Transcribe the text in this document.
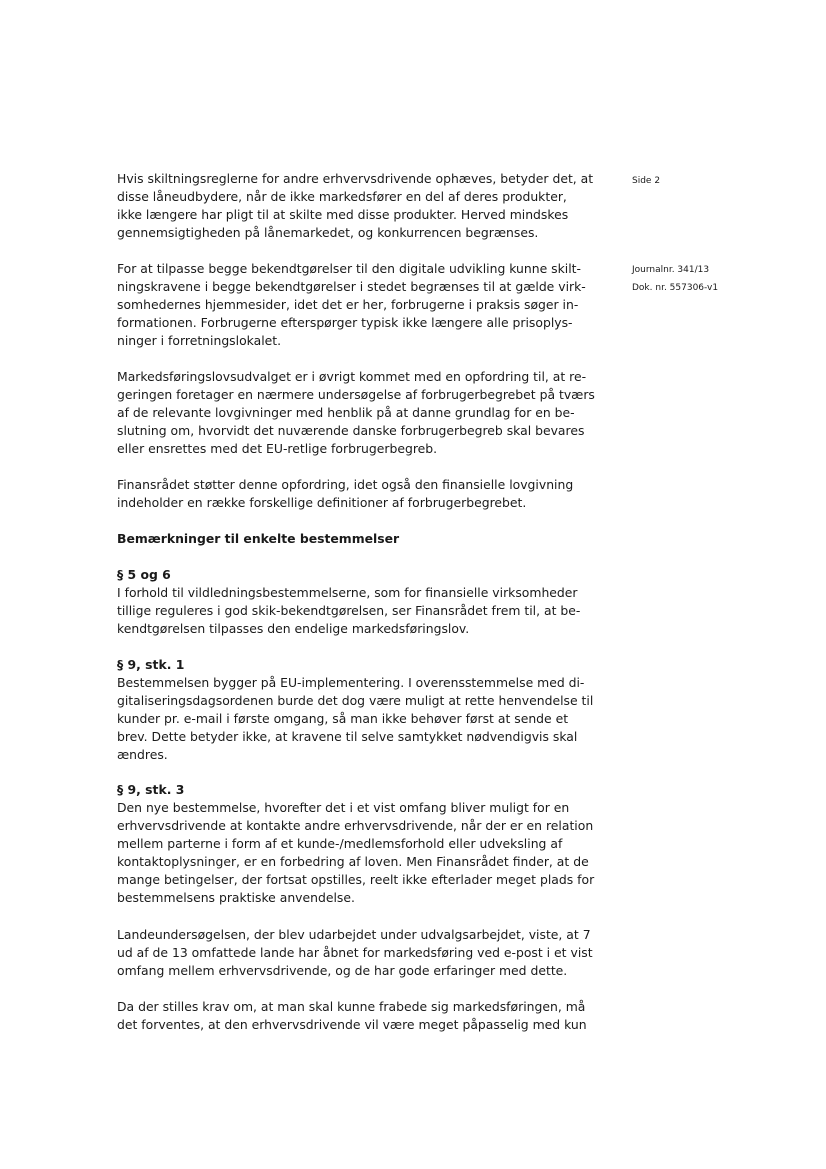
Side 2
Journalnr. 341/13
Dok. nr. 557306-v1
Hvis skiltningsreglerne for andre erhvervsdrivende ophæves, betyder det, at
disse låneudbydere, når de ikke markedsfører en del af deres produkter,
ikke længere har pligt til at skilte med disse produkter. Herved mindskes
gennemsigtigheden på lånemarkedet, og konkurrencen begrænses.
For at tilpasse begge bekendtgørelser til den digitale udvikling kunne skilt-
ningskravene i begge bekendtgørelser i stedet begrænses til at gælde virk-
somhedernes hjemmesider, idet det er her, forbrugerne i praksis søger in-
formationen. Forbrugerne efterspørger typisk ikke længere alle prisoplys-
ninger i forretningslokalet.
Markedsføringslovsudvalget er i øvrigt kommet med en opfordring til, at re-
geringen foretager en nærmere undersøgelse af forbrugerbegrebet på tværs
af de relevante lovgivninger med henblik på at danne grundlag for en be-
slutning om, hvorvidt det nuværende danske forbrugerbegreb skal bevares
eller ensrettes med det EU-retlige forbrugerbegreb.
Finansrådet støtter denne opfordring, idet også den finansielle lovgivning
indeholder en række forskellige definitioner af forbrugerbegrebet.
Bemærkninger til enkelte bestemmelser
§ 5 og 6
I forhold til vildledningsbestemmelserne, som for finansielle virksomheder
tillige reguleres i god skik-bekendtgørelsen, ser Finansrådet frem til, at be-
kendtgørelsen tilpasses den endelige markedsføringslov.
§ 9, stk. 1
Bestemmelsen bygger på EU-implementering. I overensstemmelse med di-
gitaliseringsdagsordenen burde det dog være muligt at rette henvendelse til
kunder pr. e-mail i første omgang, så man ikke behøver først at sende et
brev. Dette betyder ikke, at kravene til selve samtykket nødvendigvis skal
ændres.
§ 9, stk. 3
Den nye bestemmelse, hvorefter det i et vist omfang bliver muligt for en
erhvervsdrivende at kontakte andre erhvervsdrivende, når der er en relation
mellem parterne i form af et kunde-/medlemsforhold eller udveksling af
kontaktoplysninger, er en forbedring af loven. Men Finansrådet finder, at de
mange betingelser, der fortsat opstilles, reelt ikke efterlader meget plads for
bestemmelsens praktiske anvendelse.
Landeundersøgelsen, der blev udarbejdet under udvalgsarbejdet, viste, at 7
ud af de 13 omfattede lande har åbnet for markedsføring ved e-post i et vist
omfang mellem erhvervsdrivende, og de har gode erfaringer med dette.
Da der stilles krav om, at man skal kunne frabede sig markedsføringen, må
det forventes, at den erhvervsdrivende vil være meget påpasselig med kun
